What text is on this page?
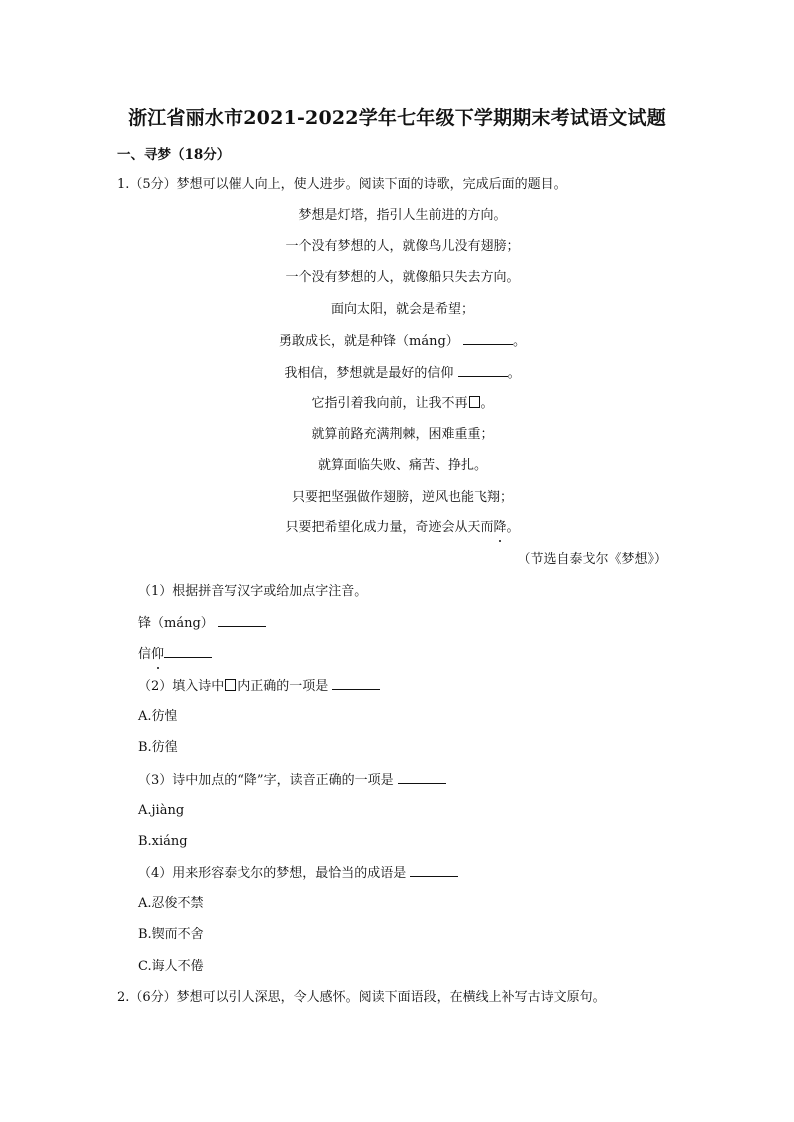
浙江省丽水市2021-2022学年七年级下学期期末考试语文试题
一、寻梦（18分）
1.（5分）梦想可以催人向上，使人进步。阅读下面的诗歌，完成后面的题目。
梦想是灯塔，指引人生前进的方向。
一个没有梦想的人，就像鸟儿没有翅膀；
一个没有梦想的人，就像船只失去方向。
面向太阳，就会是希望；
勇敢成长，就是种锋（máng）	。
我相信，梦想就是最好的信仰	。
它指引着我向前，让我不再 。
就算前路充满荆棘，困难重重；
就算面临失败、痛苦、挣扎。
只要把坚强做作翅膀，逆风也能飞翔；
只要把希望化成力量，奇迹会从天而降。
（节选自泰戈尔《梦想》）
（1）根据拼音写汉字或给加点字注音。
锋（máng）
信仰
（2）填入诗中 内正确的一项是
A.彷惶
B.彷徨
（3）诗中加点的“降”字，读音正确的一项是
A.jiàng
B.xiáng
（4）用来形容泰戈尔的梦想，最恰当的成语是
A.忍俊不禁
B.锲而不舍
C.诲人不倦
2.（6分）梦想可以引人深思，令人感怀。阅读下面语段，在横线上补写古诗文原句。
